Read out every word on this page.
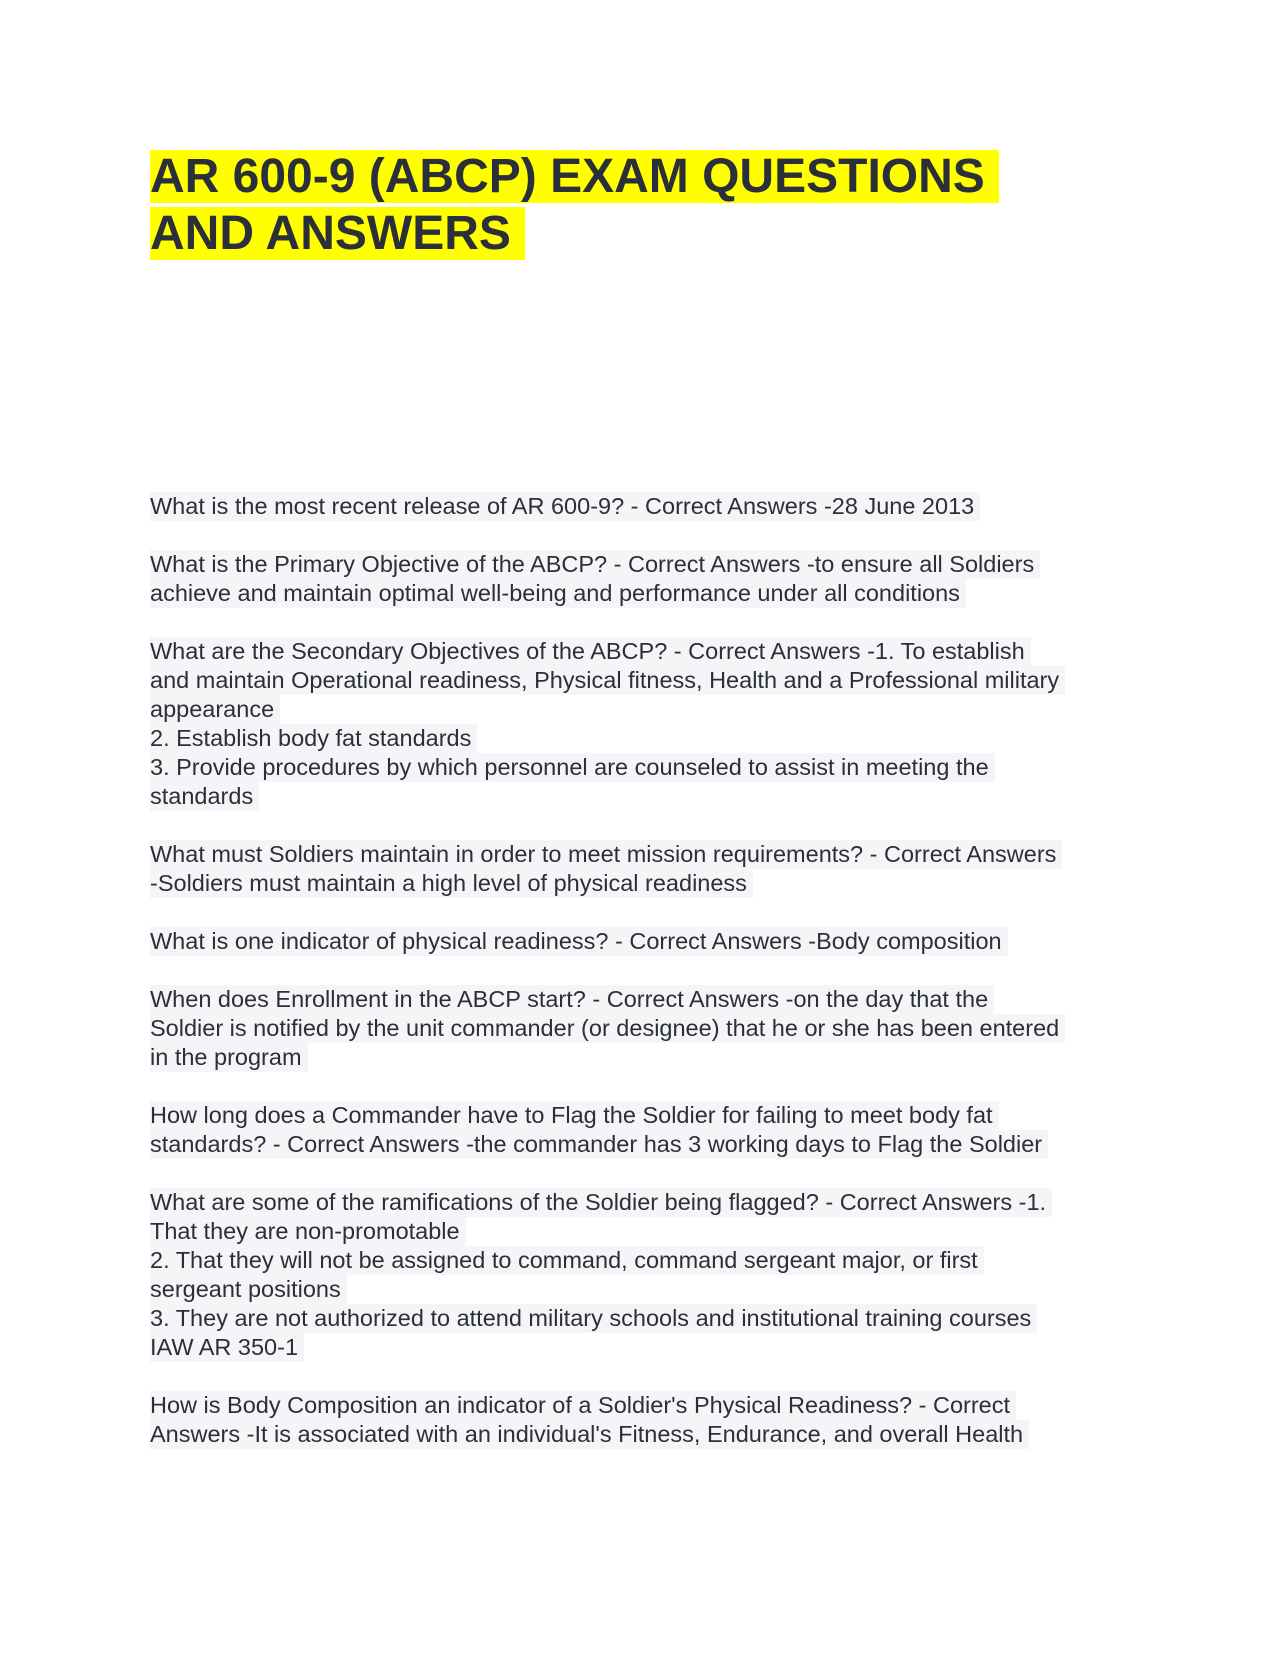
AR 600-9 (ABCP) EXAM QUESTIONS
AND ANSWERS
What is the most recent release of AR 600-9? - Correct Answers -28 June 2013
What is the Primary Objective of the ABCP? - Correct Answers -to ensure all Soldiers
achieve and maintain optimal well-being and performance under all conditions
What are the Secondary Objectives of the ABCP? - Correct Answers -1. To establish
and maintain Operational readiness, Physical fitness, Health and a Professional military
appearance
2. Establish body fat standards
3. Provide procedures by which personnel are counseled to assist in meeting the
standards
What must Soldiers maintain in order to meet mission requirements? - Correct Answers
-Soldiers must maintain a high level of physical readiness
What is one indicator of physical readiness? - Correct Answers -Body composition
When does Enrollment in the ABCP start? - Correct Answers -on the day that the
Soldier is notified by the unit commander (or designee) that he or she has been entered
in the program
How long does a Commander have to Flag the Soldier for failing to meet body fat
standards? - Correct Answers -the commander has 3 working days to Flag the Soldier
What are some of the ramifications of the Soldier being flagged? - Correct Answers -1.
That they are non-promotable
2. That they will not be assigned to command, command sergeant major, or first
sergeant positions
3. They are not authorized to attend military schools and institutional training courses
IAW AR 350-1
How is Body Composition an indicator of a Soldier's Physical Readiness? - Correct
Answers -It is associated with an individual's Fitness, Endurance, and overall Health
